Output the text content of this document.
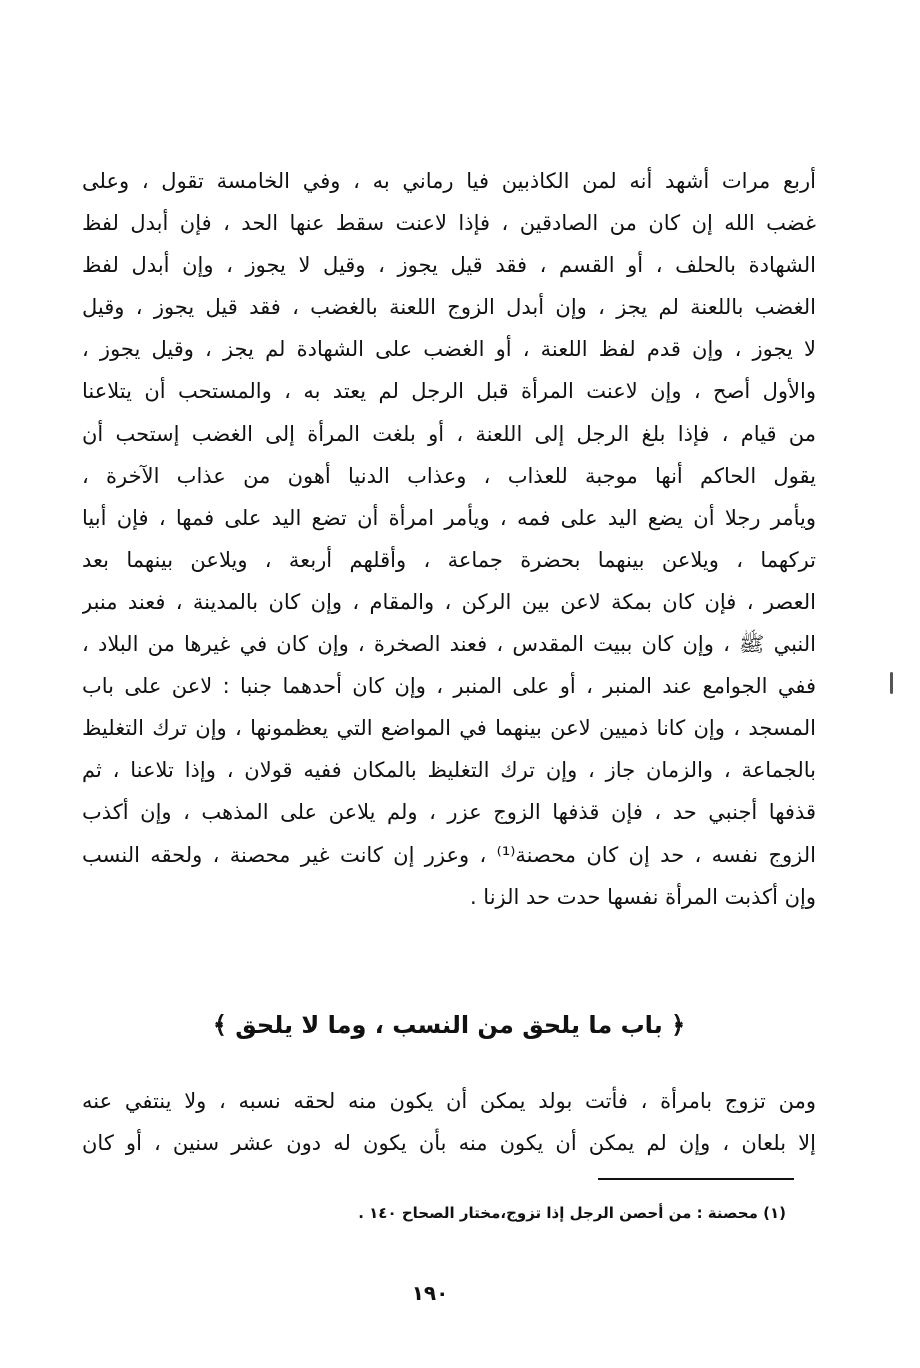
أربع مرات أشهد أنه لمن الكاذبين فيا رماني به ، وفي الخامسة تقول ، وعلى
غضب الله إن كان من الصادقين ، فإذا لاعنت سقط عنها الحد ، فإن أبدل لفظ
الشهادة بالحلف ، أو القسم ، فقد قيل يجوز ، وقيل لا يجوز ، وإن أبدل لفظ
الغضب باللعنة لم يجز ، وإن أبدل الزوج اللعنة بالغضب ، فقد قيل يجوز ، وقيل
لا يجوز ، وإن قدم لفظ اللعنة ، أو الغضب على الشهادة لم يجز ، وقيل يجوز ،
والأول أصح ، وإن لاعنت المرأة قبل الرجل لم يعتد به ، والمستحب أن يتلاعنا
من قيام ، فإذا بلغ الرجل إلى اللعنة ، أو بلغت المرأة إلى الغضب إستحب أن
يقول الحاكم أنها موجبة للعذاب ، وعذاب الدنيا أهون من عذاب الآخرة ،
ويأمر رجلا أن يضع اليد على فمه ، ويأمر امرأة أن تضع اليد على فمها ، فإن أبيا
تركهما ، ويلاعن بينهما بحضرة جماعة ، وأقلهم أربعة ، ويلاعن بينهما بعد
العصر ، فإن كان بمكة لاعن بين الركن ، والمقام ، وإن كان بالمدينة ، فعند منبر
النبي ﷺ ، وإن كان ببيت المقدس ، فعند الصخرة ، وإن كان في غيرها من البلاد ،
ففي الجوامع عند المنبر ، أو على المنبر ، وإن كان أحدهما جنبا : لاعن على باب
المسجد ، وإن كانا ذميين لاعن بينهما في المواضع التي يعظمونها ، وإن ترك التغليظ
بالجماعة ، والزمان جاز ، وإن ترك التغليظ بالمكان ففيه قولان ، وإذا تلاعنا ، ثم
قذفها أجنبي حد ، فإن قذفها الزوج عزر ، ولم يلاعن على المذهب ، وإن أكذب
الزوج نفسه ، حد إن كان محصنة⁽¹⁾ ، وعزر إن كانت غير محصنة ، ولحقه النسب
وإن أكذبت المرأة نفسها حدت حد الزنا .
﴿ باب ما يلحق من النسب ، وما لا يلحق ﴾
ومن تزوج بامرأة ، فأتت بولد يمكن أن يكون منه لحقه نسبه ، ولا ينتفي عنه
إلا بلعان ، وإن لم يمكن أن يكون منه بأن يكون له دون عشر سنين ، أو كان
(١) محصنة : من أحصن الرجل إذا تزوج،مختار الصحاح ١٤٠ .
١٩٠
